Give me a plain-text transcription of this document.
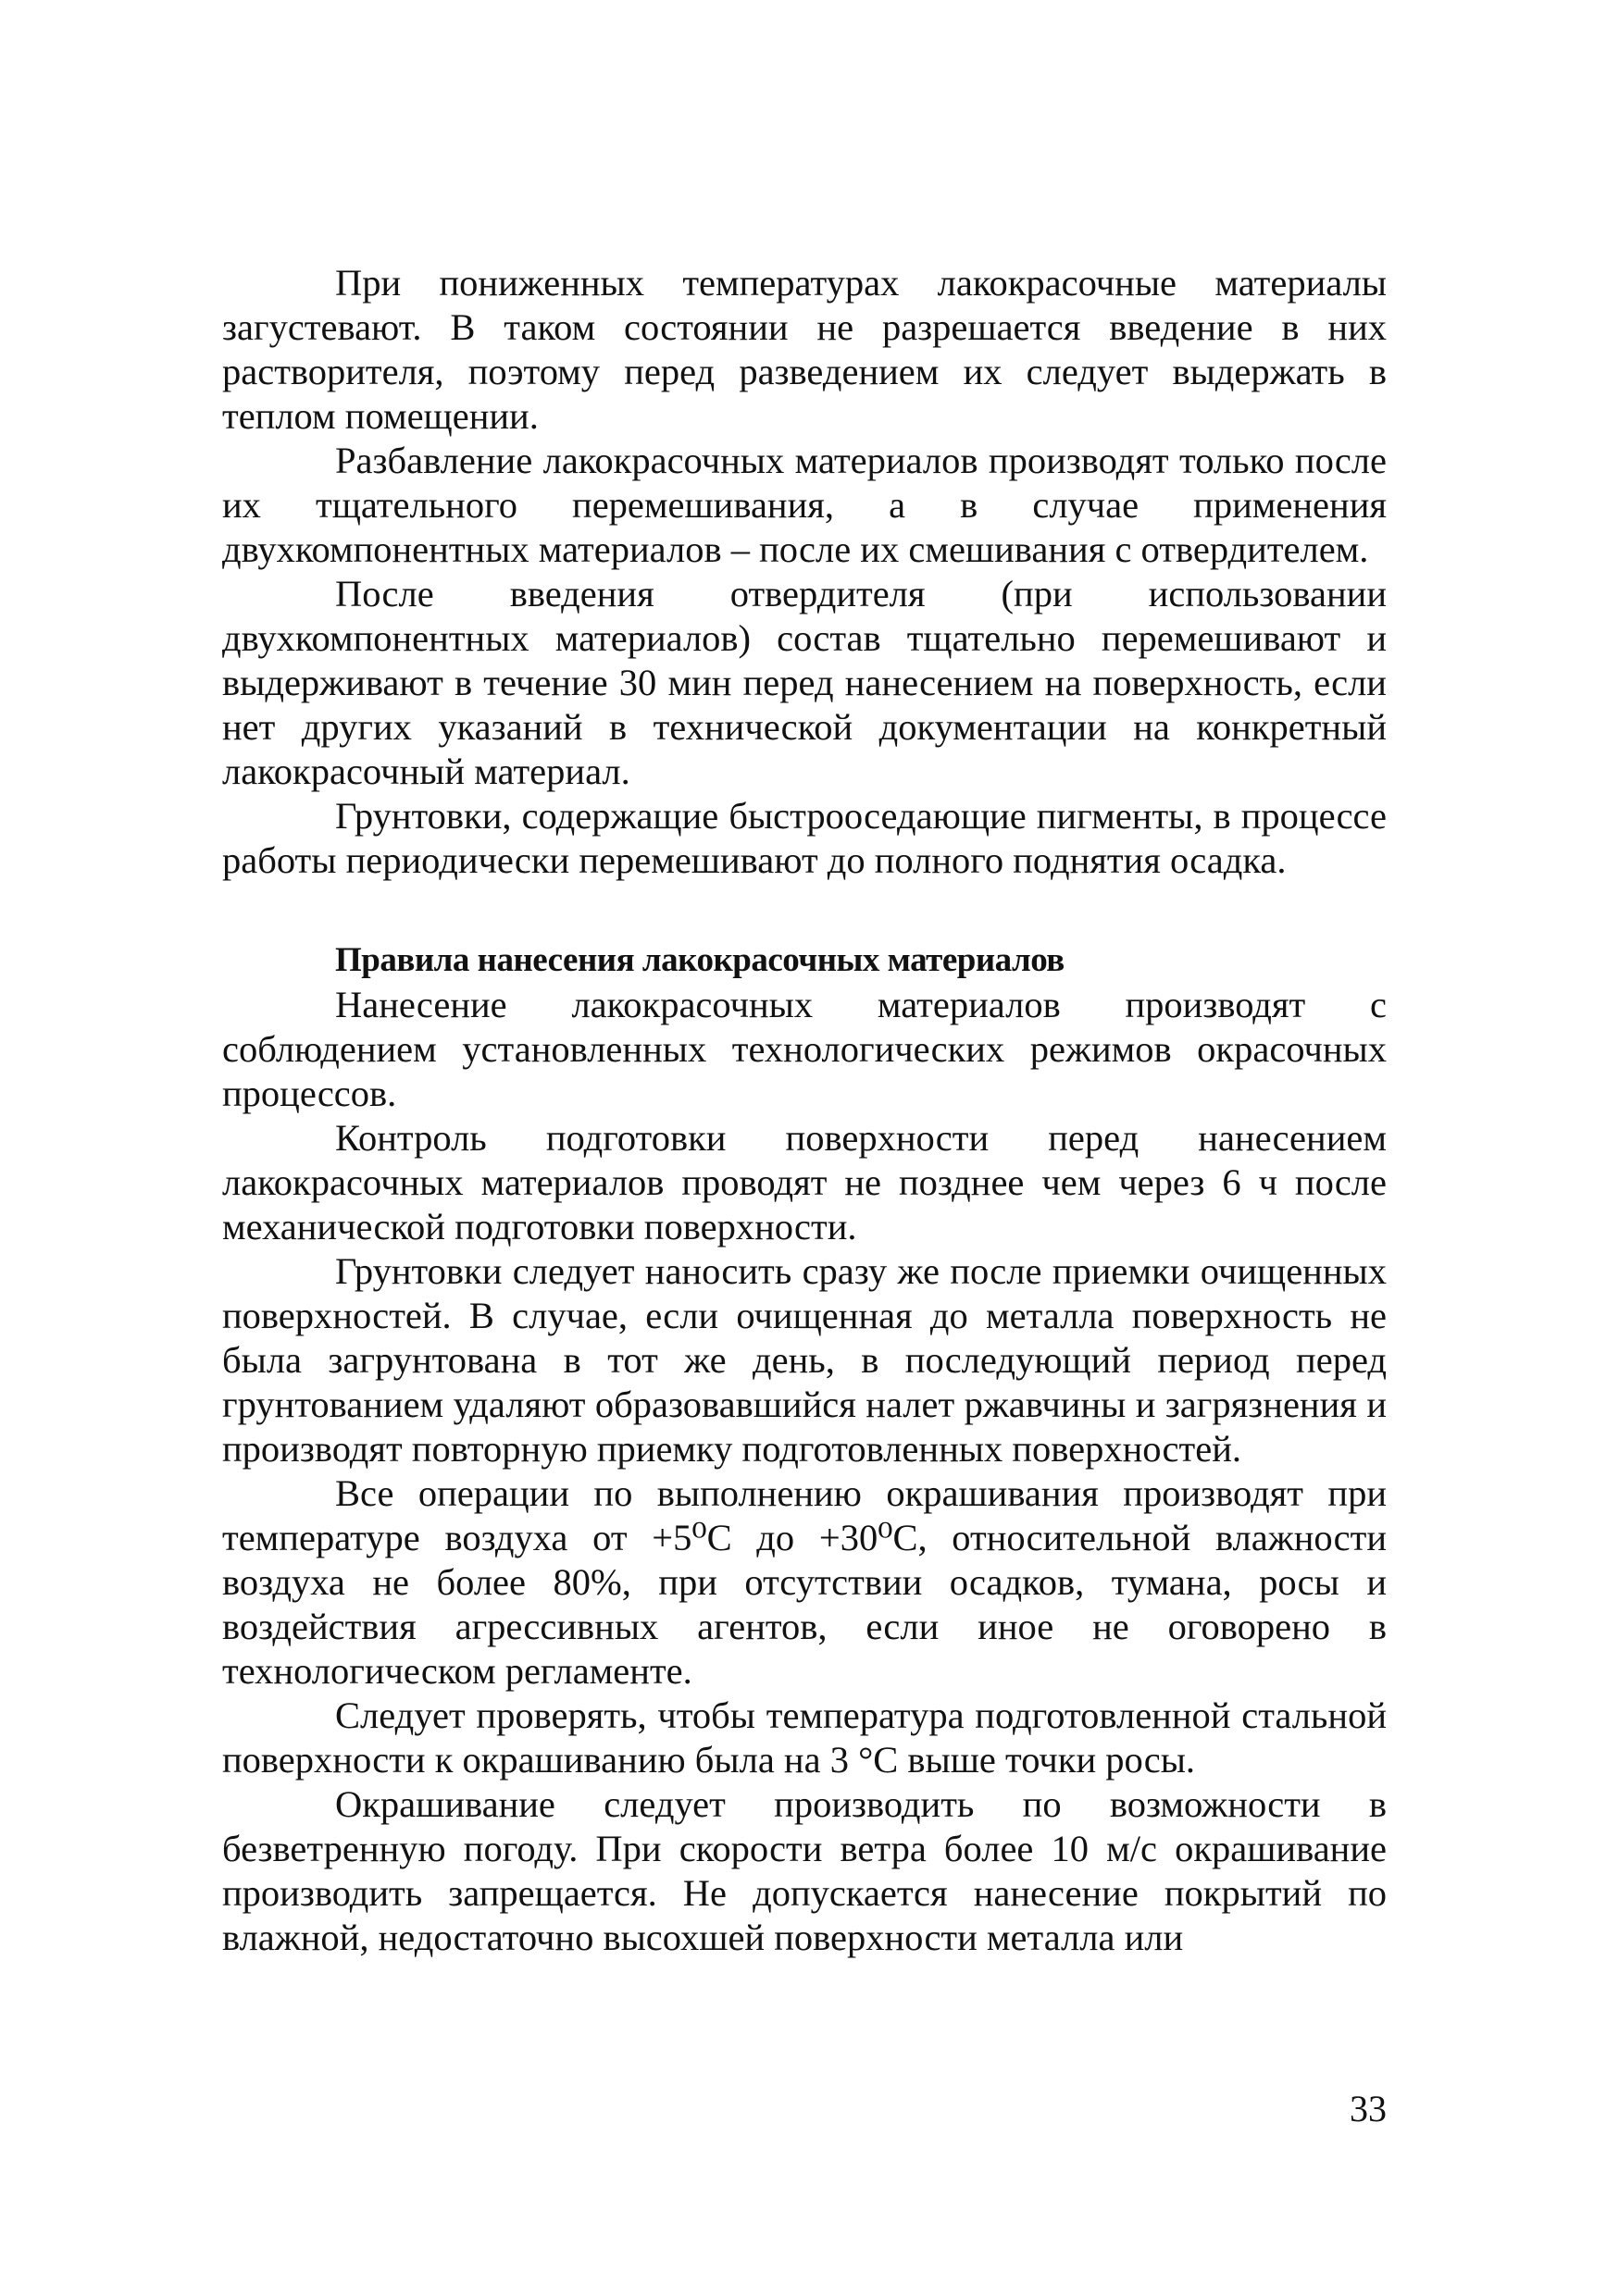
При пониженных температурах лакокрасочные материалы загустевают. В таком состоянии не разрешается введение в них растворителя, поэтому перед разведением их следует выдержать в теплом помещении.

Разбавление лакокрасочных материалов производят только после их тщательного перемешивания, а в случае применения двухкомпонентных материалов – после их смешивания с отвердителем.

После введения отвердителя (при использовании двухкомпонентных материалов) состав тщательно перемешивают и выдерживают в течение 30 мин перед нанесением на поверхность, если нет других указаний в технической документации на конкретный лакокрасочный материал.

Грунтовки, содержащие быстрооседающие пигменты, в процессе работы периодически перемешивают до полного поднятия осадка.

Правила нанесения лакокрасочных материалов

Нанесение лакокрасочных материалов производят с соблюдением установленных технологических режимов окрасочных процессов.

Контроль подготовки поверхности перед нанесением лакокрасочных материалов проводят не позднее чем через 6 ч после механической подготовки поверхности.

Грунтовки следует наносить сразу же после приемки очищенных поверхностей. В случае, если очищенная до металла поверхность не была загрунтована в тот же день, в последующий период перед грунтованием удаляют образовавшийся налет ржавчины и загрязнения и производят повторную приемку подготовленных поверхностей.

Все операции по выполнению окрашивания производят при температуре воздуха от +5⁰С до +30⁰С, относительной влажности воздуха не более 80%, при отсутствии осадков, тумана, росы и воздействия агрессивных агентов, если иное не оговорено в технологическом регламенте.

Следует проверять, чтобы температура подготовленной стальной поверхности к окрашиванию была на 3 °С выше точки росы.

Окрашивание следует производить по возможности в безветренную погоду. При скорости ветра более 10 м/с окрашивание производить запрещается. Не допускается нанесение покрытий по влажной, недостаточно высохшей поверхности металла или

33
